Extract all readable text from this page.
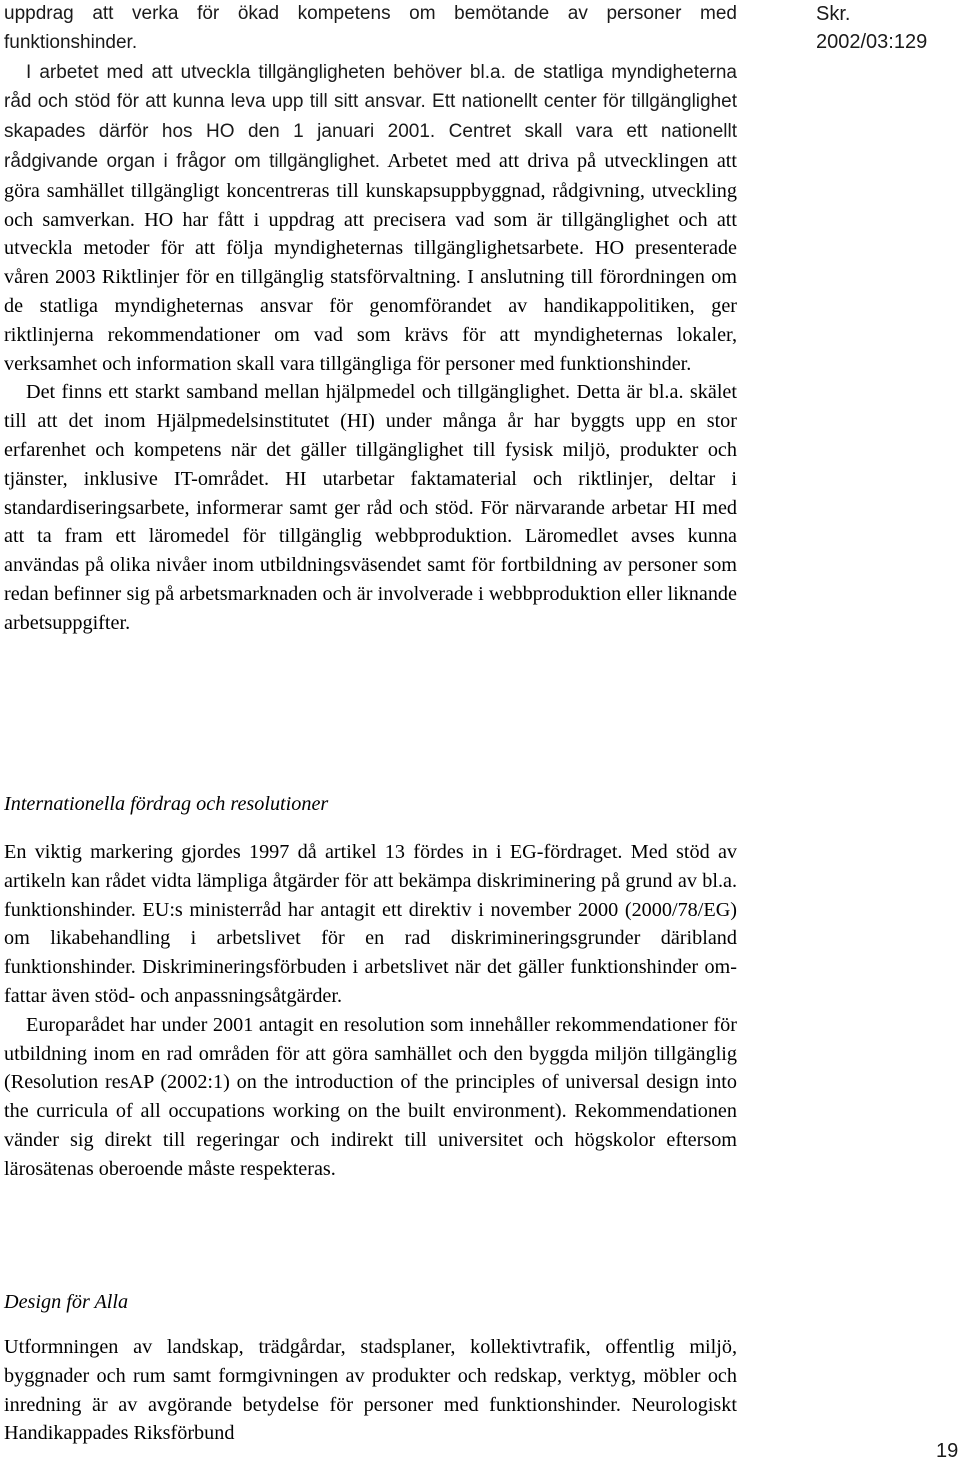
Skr. 2002/03:129

uppdrag att verka för ökad kompetens om bemötande av personer med funktionshinder.

I arbetet med att utveckla tillgängligheten behöver bl.a. de statliga myndigheterna råd och stöd för att kunna leva upp till sitt ansvar. Ett nationellt center för tillgänglighet skapades därför hos HO den 1 januari 2001. Centret skall vara ett nationellt rådgivande organ i frågor om tillgänglighet. Arbetet med att driva på utvecklingen att göra samhället tillgängligt koncentreras till kunskapsuppbyggnad, rådgivning, utveckling och samverkan. HO har fått i uppdrag att precisera vad som är tillgänglighet och att utveckla metoder för att följa myndigheternas tillgänglighetsarbete. HO presenterade våren 2003 Riktlinjer för en tillgänglig statsförvaltning. I anslutning till förordningen om de statliga myndigheternas ansvar för genomförandet av handikappolitiken, ger riktlinjerna rekommendationer om vad som krävs för att myndigheternas lokaler, verksamhet och information skall vara tillgängliga för personer med funktionshinder.

Det finns ett starkt samband mellan hjälpmedel och tillgänglighet. Detta är bl.a. skälet till att det inom Hjälpmedelsinstitutet (HI) under många år har byggts upp en stor erfarenhet och kompetens när det gäller tillgänglighet till fysisk miljö, produkter och tjänster, inklusive IT-området. HI utarbetar faktamaterial och riktlinjer, deltar i standardiseringsarbete, informerar samt ger råd och stöd. För närvarande arbetar HI med att ta fram ett läromedel för tillgänglig webbproduktion. Läromedlet avses kunna användas på olika nivåer inom utbildningsväsendet samt för fortbildning av personer som redan befinner sig på arbetsmarknaden och är involverade i webbproduktion eller liknande arbetsuppgifter.

Internationella fördrag och resolutioner

En viktig markering gjordes 1997 då artikel 13 fördes in i EG-fördraget. Med stöd av artikeln kan rådet vidta lämpliga åtgärder för att bekämpa diskriminering på grund av bl.a. funktionshinder. EU:s ministerråd har antagit ett direktiv i november 2000 (2000/78/EG) om likabehandling i arbetslivet för en rad diskrimineringsgrunder däribland funktionshinder. Diskrimineringsförbuden i arbetslivet när det gäller funktionshinder omfattar även stöd- och anpassningsåtgärder.

Europarådet har under 2001 antagit en resolution som innehåller rekommendationer för utbildning inom en rad områden för att göra samhället och den byggda miljön tillgänglig (Resolution resAP (2002:1) on the introduction of the principles of universal design into the curricula of all occupations working on the built environment). Rekommendationen vänder sig direkt till regeringar och indirekt till universitet och högskolor eftersom lärosätenas oberoende måste respekteras.

Design för Alla

Utformningen av landskap, trädgårdar, stadsplaner, kollektivtrafik, offentlig miljö, byggnader och rum samt formgivningen av produkter och redskap, verktyg, möbler och inredning är av avgörande betydelse för personer med funktionshinder. Neurologiskt Handikappades Riksförbund

19
